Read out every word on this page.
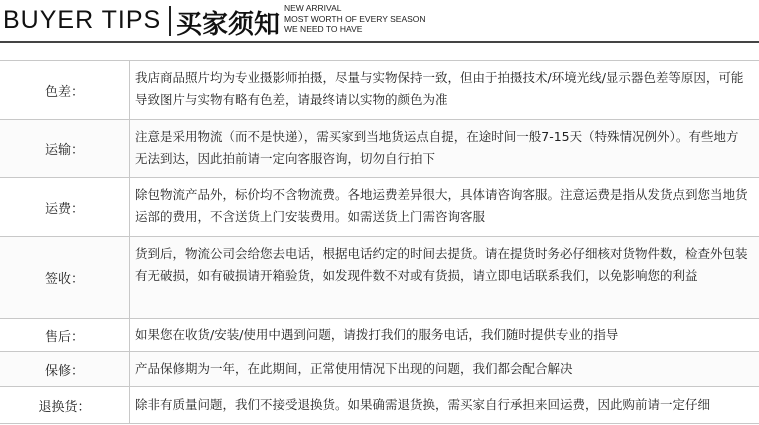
BUYER TIPS 买家须知
NEW ARRIVAL
MOST WORTH OF EVERY SEASON
WE NEED TO HAVE
色差：
我店商品照片均为专业摄影师拍摄，尽量与实物保持一致，但由于拍摄技术/环境光线/显示器色差等原因，可能导致图片与实物有略有色差，请最终请以实物的颜色为准
运输：
注意是采用物流（而不是快递），需买家到当地货运点自提，在途时间一般7-15天（特殊情况例外）。有些地方无法到达，因此拍前请一定向客服咨询，切勿自行拍下
运费：
除包物流产品外，标价均不含物流费。各地运费差异很大，具体请咨询客服。注意运费是指从发货点到您当地货运部的费用，不含送货上门安装费用。如需送货上门需咨询客服
签收：
货到后，物流公司会给您去电话，根据电话约定的时间去提货。请在提货时务必仔细核对货物件数，检查外包装有无破损，如有破损请开箱验货，如发现件数不对或有货损，请立即电话联系我们，以免影响您的利益
售后：	如果您在收货/安装/使用中遇到问题，请拨打我们的服务电话，我们随时提供专业的指导
保修：	产品保修期为一年，在此期间，正常使用情况下出现的问题，我们都会配合解决
退换货：	除非有质量问题，我们不接受退换货。如果确需退货换，需买家自行承担来回运费，因此购前请一定仔细
